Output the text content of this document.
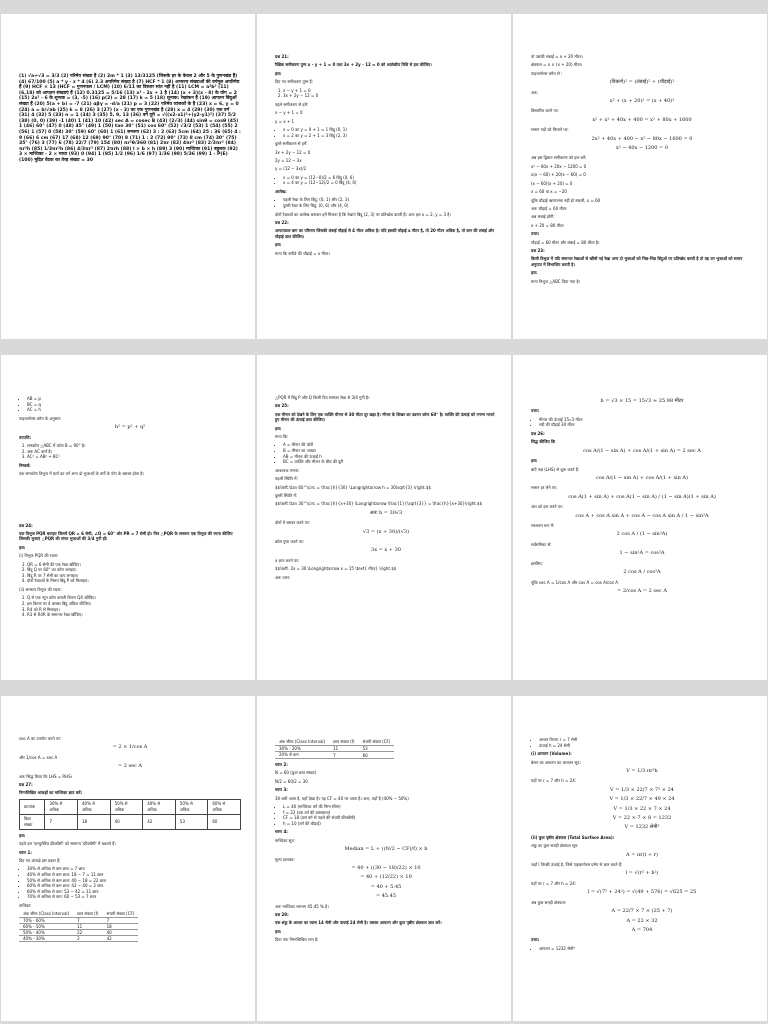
(1) √a+√3 = 3/3 (2) परिमेय संख्या हैं (2) 2m * 1 (3) 13/3125 (जिसके हर के केवल 2 और 5 के गुणनखंड हैं) (4) 67/100 (5) a * y - z * 4 (6) 2.3 अपरिमेय संख्या है (7) HCF * 1 (8) अभाज्य संख्याओं की वर्गमूल अपरिमेय हैं (9) HCF × 13 (HCF = गुणनफल / LCM) (10) 6/11 का विस्तार सांत नहीं है (11) LCM = a²b³ (11) (6,18) को आपतन संख्याएं हैं (12) 0.3125 = 5/16 (13) x² - 2x + 1 है (14) (x + 3)(x - 8) के योग = 2 (15) 2x² - 6 के शून्यक = (3, -5) (16) p(2) = 28 (17) k = 5 (18) शून्यक: रेखांकन हैं (19) आपतन बिंदुओं संख्या हैं (20) 5(a + b) = -7 (21) αβγ = -d/a (21) p = 3 (22) परिमेय व्यंजकों के हैं (23) x = 6, y = 0 (24) a = b/√ab (25) k = 8 (26) 3 (27) (x - 3) का एक गुणनखंड है (28) x = 4 (29) (30) एक वर्ग (31) 4 (32) 5 (33) n = 1 (34) 3 (35) 5, 9, 13 (36) वर्ग दूरी = √((x2-x1)²+(y2-y1)²) (37) 5/2 (38) (0, 0) (39) -1 (40) 1 (41) 10 (42) sec A = cosec B (43) (2√3) (44) sinθ = cosθ (45) 1 (46) 60° (47) 0 (48) 45° (49) 1 (50) tan 30° (51) cos 60° (52) √3/2 (53) 1 (54) (55) 2 (56) 1 (57) 0 (58) 30° (59) 60° (60) 1 (61) समरूप (62) 3 : 2 (63) 5cm (64) 25 : 36 (65) 4 : 9 (66) 6 cm (67) 17 (68) 12 (69) 90° (70) 8 (71) 1 : 2 (72) 90° (73) 8 cm (74) 30° (75) 35° (76) 3 (77) 6 (78) 22/7 (79) 154 (80) πr²θ/360 (81) 2πr (82) 4πr² (83) 2/3πr³ (84) πr²h (85) 1/3πr²h (86) 4/3πr³ (87) 2πrh (88) l × b × h (89) 3 (90) माध्यिका (91) बहुलक (92) 3 × माध्यिका - 2 × माध्य (93) 0 (94) 1 (95) 1/2 (96) 1/6 (97) 1/36 (98) 5/36 (99) 1 - P(E) (100) मुद्रित वेदक का तेरह संख्या = 30

प्रश्न 21:

रैखिक समीकरण युग्म x - y + 1 = 0 तथा 3x + 2y - 12 = 0 को आलेखीय विधि से हल कीजिए।

हल:

दिए गए समीकरण युग्म हैं:

1. x − y + 1 = 0
2. 3x + 2y − 12 = 0

पहले समीकरण से हमें:

x − y + 1 = 0

y = x + 1

• x = 0 का y = 0 + 1 = 1 बिंदु (0, 1)
• x = 2 का y = 2 + 1 = 3 बिंदु (2, 3)

दूसरे समीकरण से हमें:

3x + 2y − 12 = 0

2y = 12 − 3x

y = (12 − 3x)/2

• x = 0 का y = (12−0)/2 = 6 बिंदु (0, 6)
• x = 4 का y = (12−12)/2 = 0 बिंदु (4, 0)

आलेख:

• पहली रेखा के लिए बिंदु: (0, 1) और (2, 3)
• दूसरी रेखा के लिए बिंदु: (0, 6) और (4, 0)

दोनों रेखाओं का आलेख बनाकर हमें मिलता है कि रेखाएं बिंदु (2, 3) पर प्रतिच्छेद करती हैं। अतः हल x = 2, y = 3 है।

प्रश्न 22:

आयताकार बाग का परिमाप जिसकी लंबाई चौड़ाई से 4 मीटर अधिक है। यदि इसकी चौड़ाई x मीटर है, तो 20 मीटर अधिक है, तो बाग की लंबाई और चौड़ाई ज्ञात कीजिए।

हल:

माना कि बगीचे की चौड़ाई = x मीटर।

तो उसकी लंबाई = x + 20 मीटर।

क्षेत्रफल = x × (x + 20) मीटर।

पाइथागोरस प्रमेय से :

(विकर्ण)² = (लंबाई)² + (चौड़ाई)²

अतः,

x² + (x + 20)² = (x + 40)²

विस्तारित करने पर:

x² + x² + 40x + 400 = x² + 80x + 1600

समान पदों को मिलाने पर:

2x² + 40x + 400 − x² − 80x − 1600 = 0

x² − 40x − 1200 = 0

अब इस द्विघात समीकरण को हल करें:

x² − 60x + 20x − 1200 = 0

x(x − 60) + 20(x − 60) = 0

(x − 60)(x + 20) = 0

x = 60 या x = −20

चूंकि चौड़ाई ऋणात्मक नहीं हो सकती, x = 60

अतः चौड़ाई = 60 मीटर

अब लंबाई होगी:

x + 20 = 80 मीटर

उत्तर:

चौड़ाई = 60 मीटर और लंबाई = 80 मीटर है।

प्रश्न 23:

किसी त्रिभुज में यदि समान्तर रेखाओं से खींची गई रेखा अन्य दो भुजाओं को भिन्न-भिन्न बिंदुओं पर प्रतिच्छेद करती है तो वह उन भुजाओं को समान अनुपात में विभाजित करती है।

हल:

माना त्रिभुज △ABC दिया गया है।

• AB = p
• BC = q
• AC = h

पाइथागोरस प्रमेय के अनुसार:

h² = p² + q²

उपपत्ति:

1. समकोण △ABC में कोण B = 90° है।
2. अतः AC कर्ण है।
3. AC² = AB² + BC²

निष्कर्ष:

एक समकोण त्रिभुज में कर्ण का वर्ग अन्य दो भुजाओं के वर्गों के योग के बराबर होता है।

प्रश्न 24:

एक त्रिभुज PQR बनाइए जिसमें QR = 6 सेमी, ∠Q = 60° और PR = 7 सेमी हो। फिर △PQR के समरूप एक त्रिभुज की रचना कीजिए जिसकी भुजाएं △PQR की संगत भुजाओं की 3/4 गुनी हों।

हल:

(i) त्रिभुज PQR की रचना:

1. QR = 6 सेमी की एक रेखा खींचिए।
2. बिंदु Q पर 60° का कोण बनाइए।
3. बिंदु R पर 7 सेमी का चाप लगाइए।
4. दोनों रेखाओं के मिलन बिंदु P को मिलाइए।

(ii) समरूप त्रिभुज की रचना:

1. Q से एक न्यून कोण बनाती किरण QX खींचिए।
2. इस किरण पर 4 बराबर बिंदु अंकित कीजिए।
3. R4 को R से मिलाइए।
4. R3 से R4R के समान्तर रेखा खींचिए।

△PQR में बिंदु P और Q किसी दिए समांतर रेखा से 3/4 गुनी है।

प्रश्न 25:

एक मीनार को देखने के लिए एक व्यक्ति मीनार से 30 मीटर दूर खड़ा है। मीनार के शिखर का उन्नयन कोण 60° है। व्यक्ति की ऊंचाई को नगण्य मानते हुए मीनार की ऊंचाई ज्ञात कीजिए।

हल:

माना कि:

• A = मीनार की चोटी
• B = मीनार का आधार
• AB = मीनार की ऊंचाई h
• BC = व्यक्ति और मीनार के बीच की दूरी

आवश्यक गणना:

पहली स्थिति में:

$$\left.\tan 60^\circ = \frac{h}{30} \Longrightarrow h = 30\sqrt{3} \right.$$

दूसरी स्थिति में:

$$\left.\tan 30^\circ = \frac{h}{x+30} \Longrightarrow \frac{1}{\sqrt{3}} = \frac{h}{x+30}\right.$$

अतः h = 30√3

दोनों मे बराबर करने पर:

√3 = (x + 30)/(√3)

क्रॉस गुणा करने पर:

3x = x + 30

x ज्ञात करने पर:

$$\left. 2x = 30 \Longrightarrow x = 15 \text{ मीटर} \right.$$

अतः उत्तर:

h = √3 × 15 = 15√3 ≈ 25.98 मीटर

उत्तर:

• मीनार की ऊंचाई 15√3 मीटर
• नदी की चौड़ाई 30 मीटर

प्रश्न 26:

सिद्ध कीजिए कि

cos A/(1 − sin A) + cos A/(1 + sin A) = 2 sec A

हल:

बाएँ पक्ष (LHS) से शुरू करते हैं:

cos A/(1 − sin A) + cos A/(1 + sin A)

समान हर लेने पर:

cos A(1 + sin A) + cos A(1 − sin A) / (1 − sin A)(1 + sin A)

अंश को हल करने पर:

cos A + cos A sin A + cos A − cos A sin A / 1 − sin²A

सरलतम रूप में:

2 cos A / (1 − sin²A)

सर्वसमिका से:

1 − sin²A = cos²A

इसलिए:

2 cos A / cos²A

चूंकि sec A = 1/cos A और cos A = cos A/cos A

= 2/cos A = 2 sec A

sec A का उपयोग करने पर:

= 2 × 1/cos A

और 1/cos A = sec A

= 2 sec A

अतः सिद्ध किया कि LHS = RHS।

प्रश्न 27:

निम्नलिखित आंकड़ों का माध्यिका ज्ञात करें:

प्राप्तांक	30% से अधिक	40% से अधिक	50% से अधिक	40% से अधिक	50% से अधिक	60% से अधिक
विद्या संख्या	7	18	40	42	53	60

हल:

पहले हम 'कम्युलेटिव फ्रीक्वेंसी' को सामान्य 'फ्रीक्वेंसी' में बदलते हैं।

चरण 1:

दिए गए आंकड़े इस प्रकार हैं:

• 30% से अधिक से कम छात्र = 7 छात्र
• 40% से अधिक से कम छात्र: 18 − 7 = 11 छात्र
• 50% से अधिक से कम छात्र: 40 − 18 = 22 छात्र
• 60% से अधिक से कम छात्र: 42 − 40 = 2 छात्र
• 60% से अधिक से कम: 53 − 42 = 11 छात्र
• 70% से अधिक से कम: 60 − 53 = 7 छात्र

तालिका:

अंक सीमा (Class Interval)	छात्र संख्या (f)	संचयी संख्या (CF)
70% - 60%	7	7
60% - 50%	11	18
50% - 40%	22	40
40% - 30%	2	42
अंक सीमा (Class Interval)	छात्र संख्या (f)	संचयी संख्या (CF)
30% - 20%	11	53
20% से कम	7	60

चरण 2:

N = 60 (कुल छात्र संख्या)

N/2 = 60/2 = 30

चरण 3:

30 बारी आता है, यहाँ देखा है। यह CF = 40 पर आता है। अतः, यहाँ है (40% − 50%)

• L = 40 (माध्यिका वर्ग की निम्न सीमा)
• f = 22 (उस वर्ग की बारंबारता)
• CF = 18 (उस वर्ग से पहले की संचयी फ्रीक्वेंसी)
• h = 10 (वर्ग की चौड़ाई)

चरण 4:

माध्यिका सूत्र:

Median = L + ((N/2 − CF)/f) × h

मूल्य डालकर:

= 40 + ((30 − 18)/22) × 10

= 40 + (12/22) × 10

= 40 + 5.45

= 45.45

अतः माध्यिका लगभग 45.45 % है।

प्रश्न 28:

एक शंकु के आधार का व्यास 14 सेमी और ऊंचाई 24 सेमी है। उसका आयतन और कुल पृष्ठीय क्षेत्रफल ज्ञात करें।

हल:

दिया गया निम्नलिखित मान है:

• आधार त्रिज्या r = 7 सेमी
• ऊंचाई h = 24 सेमी

(i) आयतन (Volume):

बेलन का आयतन का आयतन सूत्र:

V = 1/3 πr²h

यहाँ पर r = 7 और h = 24:

V = 1/3 × 22/7 × 7² × 24

V = 1/3 × 22/7 × 49 × 24

V = 1/3 × 22 × 7 × 24

V = 22 × 7 × 8 = 1232

V = 1232 सेमी³

(ii) कुल पृष्ठीय क्षेत्रफल (Total Surface Area):

शंकु का कुल सतही क्षेत्रफल सूत्र:

A = πr(l + r)

जहाँ l तिरछी ऊंचाई है, जिसे पाइथागोरस प्रमेय से ज्ञात करते हैं:

l = √(r² + h²)

यहाँ पर r = 7 और h = 24:

l = √(7² + 24²) = √(49 + 576) = √625 = 25

अब कुल सतही क्षेत्रफल:

A = 22/7 × 7 × (25 + 7)

A = 22 × 32

A = 704

उत्तर:

• आयतन = 1232 सेमी³
